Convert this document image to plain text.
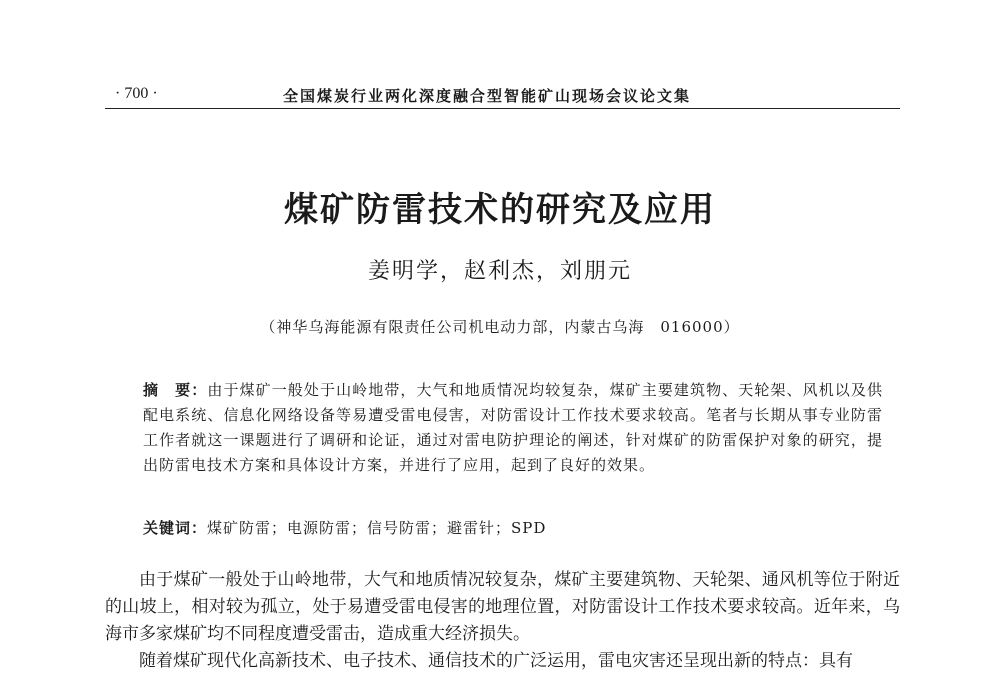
· 700 ·	全国煤炭行业两化深度融合型智能矿山现场会议论文集
煤矿防雷技术的研究及应用
姜明学，赵利杰，刘朋元
（神华乌海能源有限责任公司机电动力部，内蒙古乌海　016000）
摘　要：由于煤矿一般处于山岭地带，大气和地质情况均较复杂，煤矿主要建筑物、天轮架、风机以及供配电系统、信息化网络设备等易遭受雷电侵害，对防雷设计工作技术要求较高。笔者与长期从事专业防雷工作者就这一课题进行了调研和论证，通过对雷电防护理论的阐述，针对煤矿的防雷保护对象的研究，提出防雷电技术方案和具体设计方案，并进行了应用，起到了良好的效果。
关键词：煤矿防雷；电源防雷；信号防雷；避雷针；SPD

由于煤矿一般处于山岭地带，大气和地质情况较复杂，煤矿主要建筑物、天轮架、通风机等位于附近的山坡上，相对较为孤立，处于易遭受雷电侵害的地理位置，对防雷设计工作技术要求较高。近年来，乌海市多家煤矿均不同程度遭受雷击，造成重大经济损失。

随着煤矿现代化高新技术、电子技术、通信技术的广泛运用，雷电灾害还呈现出新的特点：具有
